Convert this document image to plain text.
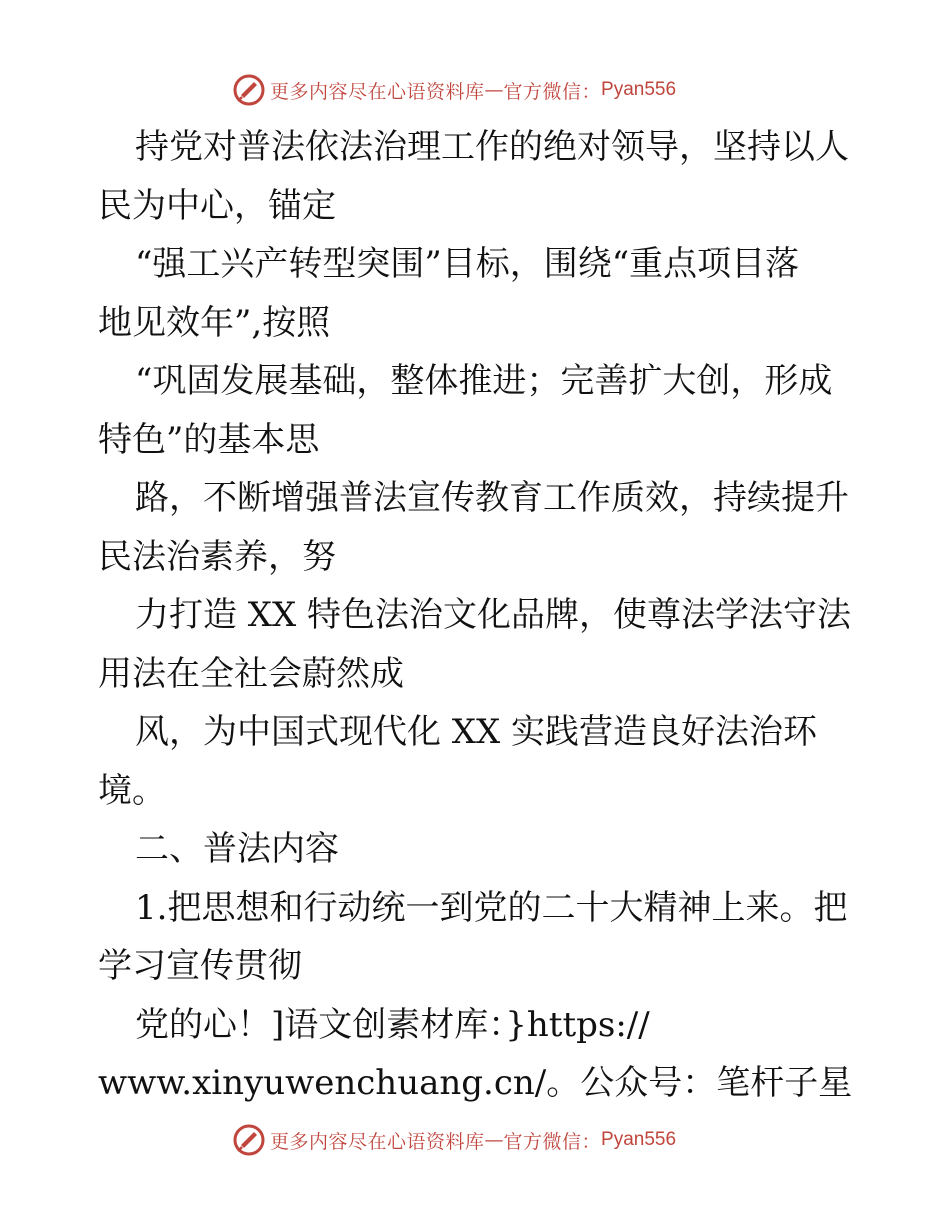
更多内容尽在心语资料库 — 官方微信： Pyan556
持党对普法依法治理工作的绝对领导，坚持以人
民为中心，锚定
“强工兴产转型突围”目标，围绕“重点项目落
地见效年”,按照
“巩固发展基础，整体推进；完善扩大创，形成
特色”的基本思
路，不断增强普法宣传教育工作质效，持续提升
民法治素养，努
力打造 XX 特色法治文化品牌，使尊法学法守法
用法在全社会蔚然成
风，为中国式现代化 XX 实践营造良好法治环
境。
二、普法内容
1.把思想和行动统一到党的二十大精神上来。把
学习宣传贯彻
党的心！]语文创素材库：}https://
www.xinyuwenchuang.cn/。公众号：笔杆子星
更多内容尽在心语资料库 — 官方微信： Pyan556
